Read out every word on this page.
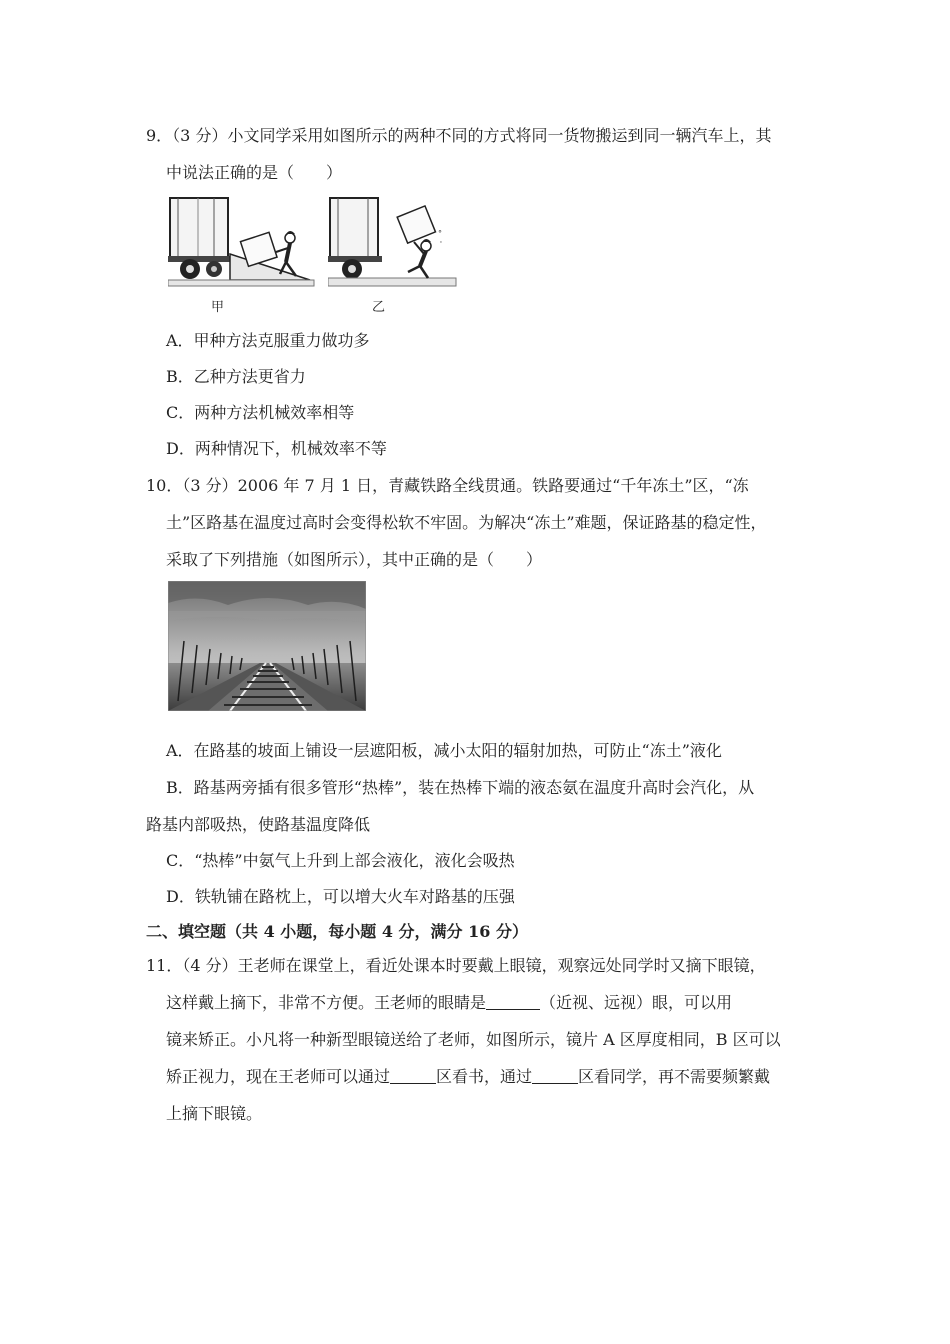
9．（3 分）小文同学采用如图所示的两种不同的方式将同一货物搬运到同一辆汽车上，其
中说法正确的是（　　）
甲
°
'
乙
A．甲种方法克服重力做功多
B．乙种方法更省力
C．两种方法机械效率相等
D．两种情况下，机械效率不等
10．（3 分）2006 年 7 月 1 日，青藏铁路全线贯通。铁路要通过“千年冻土”区，“冻
土”区路基在温度过高时会变得松软不牢固。为解决“冻土”难题，保证路基的稳定性，
采取了下列措施（如图所示），其中正确的是（　　）
A．在路基的坡面上铺设一层遮阳板，减小太阳的辐射加热，可防止“冻土”液化
B．路基两旁插有很多管形“热棒”，装在热棒下端的液态氨在温度升高时会汽化，从
路基内部吸热，使路基温度降低
C．“热棒”中氨气上升到上部会液化，液化会吸热
D．铁轨铺在路枕上，可以增大火车对路基的压强
二、填空题（共 4 小题，每小题 4 分，满分 16 分）
11．（4 分）王老师在课堂上，看近处课本时要戴上眼镜，观察远处同学时又摘下眼镜，
这样戴上摘下，非常不方便。王老师的眼睛是	（近视、远视）眼，可以用
镜来矫正。小凡将一种新型眼镜送给了老师，如图所示，镜片 A 区厚度相同，B 区可以
矫正视力，现在王老师可以通过	区看书，通过	区看同学，再不需要频繁戴
上摘下眼镜。
